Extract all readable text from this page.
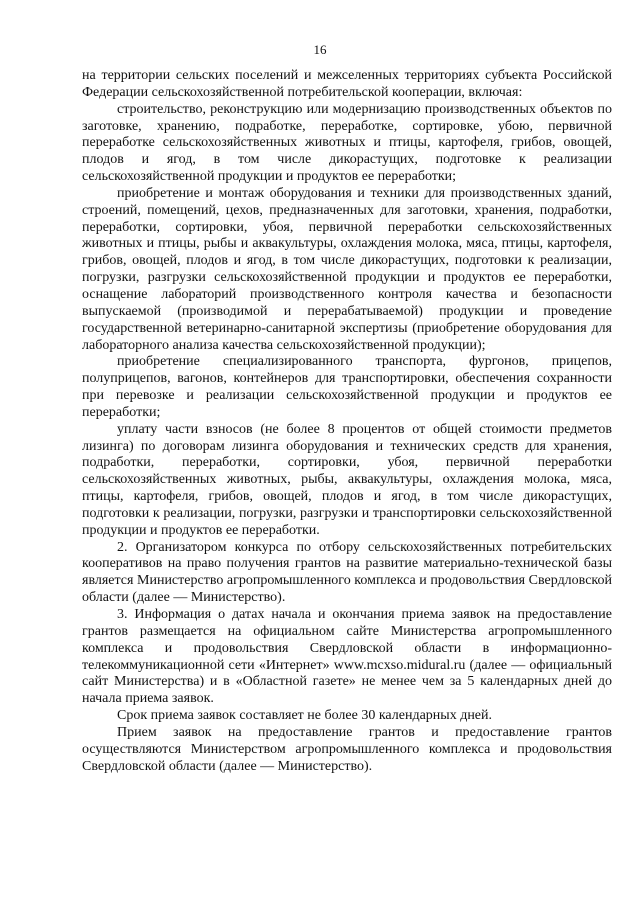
16

на территории сельских поселений и межселенных территориях субъекта Российской Федерации сельскохозяйственной потребительской кооперации, включая:

строительство, реконструкцию или модернизацию производственных объектов по заготовке, хранению, подработке, переработке, сортировке, убою, первичной переработке сельскохозяйственных животных и птицы, картофеля, грибов, овощей, плодов и ягод, в том числе дикорастущих, подготовке к реализации сельскохозяйственной продукции и продуктов ее переработки;

приобретение и монтаж оборудования и техники для производственных зданий, строений, помещений, цехов, предназначенных для заготовки, хранения, подработки, переработки, сортировки, убоя, первичной переработки сельскохозяйственных животных и птицы, рыбы и аквакультуры, охлаждения молока, мяса, птицы, картофеля, грибов, овощей, плодов и ягод, в том числе дикорастущих, подготовки к реализации, погрузки, разгрузки сельскохозяйственной продукции и продуктов ее переработки, оснащение лабораторий производственного контроля качества и безопасности выпускаемой (производимой и перерабатываемой) продукции и проведение государственной ветеринарно-санитарной экспертизы (приобретение оборудования для лабораторного анализа качества сельскохозяйственной продукции);

приобретение специализированного транспорта, фургонов, прицепов, полуприцепов, вагонов, контейнеров для транспортировки, обеспечения сохранности при перевозке и реализации сельскохозяйственной продукции и продуктов ее переработки;

уплату части взносов (не более 8 процентов от общей стоимости предметов лизинга) по договорам лизинга оборудования и технических средств для хранения, подработки, переработки, сортировки, убоя, первичной переработки сельскохозяйственных животных, рыбы, аквакультуры, охлаждения молока, мяса, птицы, картофеля, грибов, овощей, плодов и ягод, в том числе дикорастущих, подготовки к реализации, погрузки, разгрузки и транспортировки сельскохозяйственной продукции и продуктов ее переработки.

2. Организатором конкурса по отбору сельскохозяйственных потребительских кооперативов на право получения грантов на развитие материально-технической базы является Министерство агропромышленного комплекса и продовольствия Свердловской области (далее — Министерство).

3. Информация о датах начала и окончания приема заявок на предоставление грантов размещается на официальном сайте Министерства агропромышленного комплекса и продовольствия Свердловской области в информационно-телекоммуникационной сети «Интернет» www.mcxso.midural.ru (далее — официальный сайт Министерства) и в «Областной газете» не менее чем за 5 календарных дней до начала приема заявок.

Срок приема заявок составляет не более 30 календарных дней.

Прием заявок на предоставление грантов и предоставление грантов осуществляются Министерством агропромышленного комплекса и продовольствия Свердловской области (далее — Министерство).
